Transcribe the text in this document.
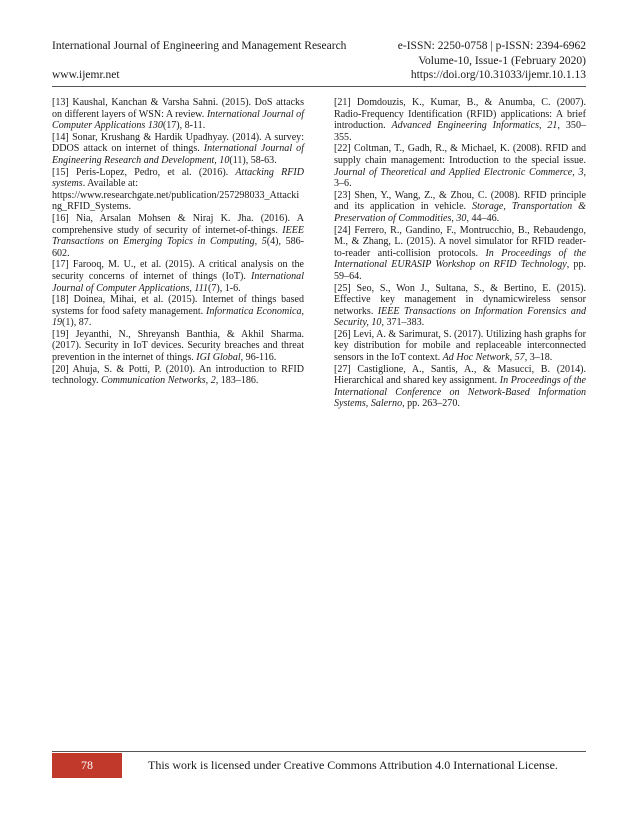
International Journal of Engineering and Management Research	e-ISSN: 2250-0758 | p-ISSN: 2394-6962
Volume-10, Issue-1 (February 2020)
https://doi.org/10.31033/ijemr.10.1.13
www.ijemr.net

[13] Kaushal, Kanchan & Varsha Sahni. (2015). DoS attacks on different layers of WSN: A review. International Journal of Computer Applications 130(17), 8-11.

[14] Sonar, Krushang & Hardik Upadhyay. (2014). A survey: DDOS attack on internet of things. International Journal of Engineering Research and Development, 10(11), 58-63.

[15] Peris-Lopez, Pedro, et al. (2016). Attacking RFID systems. Available at:
https://www.researchgate.net/publication/257298033_Attacking_RFID_Systems.

[16] Nia, Arsalan Mohsen & Niraj K. Jha. (2016). A comprehensive study of security of internet-of-things. IEEE Transactions on Emerging Topics in Computing, 5(4), 586-602.

[17] Farooq, M. U., et al. (2015). A critical analysis on the security concerns of internet of things (IoT). International Journal of Computer Applications, 111(7), 1-6.

[18] Doinea, Mihai, et al. (2015). Internet of things based systems for food safety management. Informatica Economica, 19(1), 87.

[19] Jeyanthi, N., Shreyansh Banthia, & Akhil Sharma. (2017). Security in IoT devices. Security breaches and threat prevention in the internet of things. IGI Global, 96-116.

[20] Ahuja, S. & Potti, P. (2010). An introduction to RFID technology. Communication Networks, 2, 183–186.

[21] Domdouzis, K., Kumar, B., & Anumba, C. (2007). Radio-Frequency Identification (RFID) applications: A brief introduction. Advanced Engineering Informatics, 21, 350–355.

[22] Coltman, T., Gadh, R., & Michael, K. (2008). RFID and supply chain management: Introduction to the special issue. Journal of Theoretical and Applied Electronic Commerce, 3, 3–6.

[23] Shen, Y., Wang, Z., & Zhou, C. (2008). RFID principle and its application in vehicle. Storage, Transportation & Preservation of Commodities, 30, 44–46.

[24] Ferrero, R., Gandino, F., Montrucchio, B., Rebaudengo, M., & Zhang, L. (2015). A novel simulator for RFID reader-to-reader anti-collision protocols. In Proceedings of the International EURASIP Workshop on RFID Technology, pp. 59–64.

[25] Seo, S., Won J., Sultana, S., & Bertino, E. (2015). Effective key management in dynamicwireless sensor networks. IEEE Transactions on Information Forensics and Security, 10, 371–383.

[26] Levi, A. & Sarimurat, S. (2017). Utilizing hash graphs for key distribution for mobile and replaceable interconnected sensors in the IoT context. Ad Hoc Network, 57, 3–18.

[27] Castiglione, A., Santis, A., & Masucci, B. (2014). Hierarchical and shared key assignment. In Proceedings of the International Conference on Network-Based Information Systems, Salerno, pp. 263–270.

78	This work is licensed under Creative Commons Attribution 4.0 International License.
